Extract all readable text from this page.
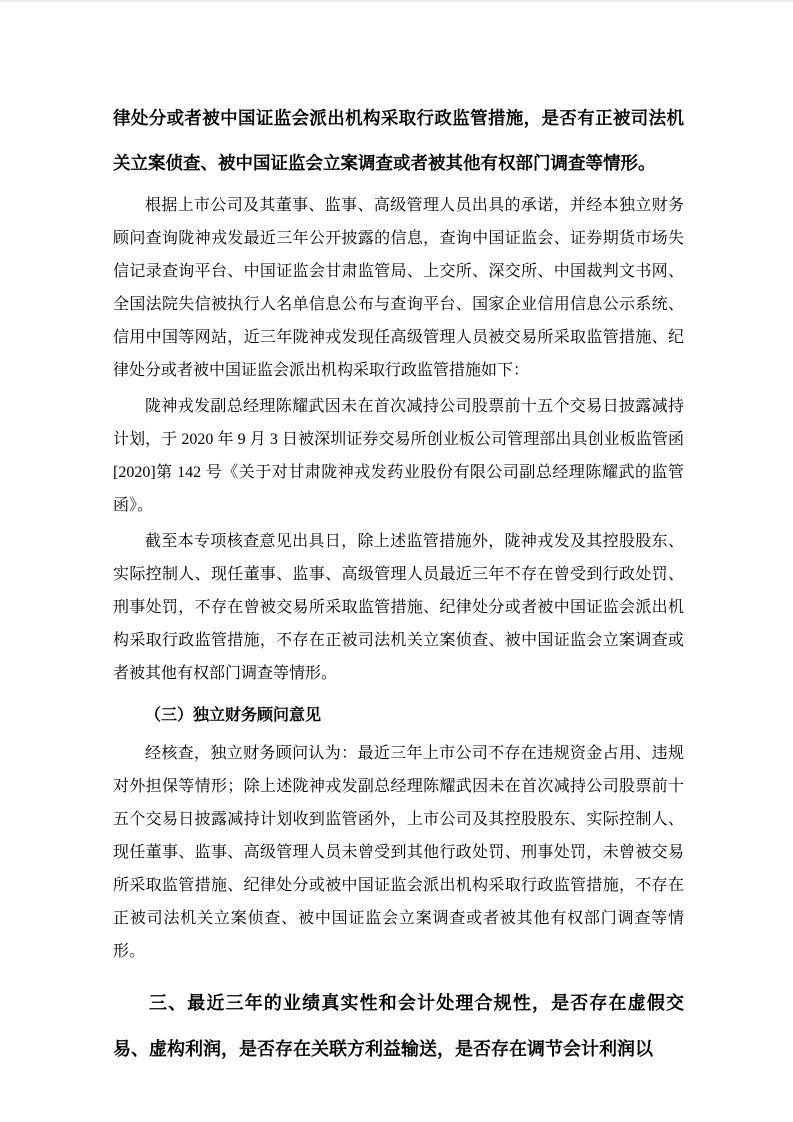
律处分或者被中国证监会派出机构采取行政监管措施，是否有正被司法机关立案侦查、被中国证监会立案调查或者被其他有权部门调查等情形。

根据上市公司及其董事、监事、高级管理人员出具的承诺，并经本独立财务顾问查询陇神戎发最近三年公开披露的信息，查询中国证监会、证券期货市场失信记录查询平台、中国证监会甘肃监管局、上交所、深交所、中国裁判文书网、全国法院失信被执行人名单信息公布与查询平台、国家企业信用信息公示系统、信用中国等网站，近三年陇神戎发现任高级管理人员被交易所采取监管措施、纪律处分或者被中国证监会派出机构采取行政监管措施如下：

陇神戎发副总经理陈耀武因未在首次减持公司股票前十五个交易日披露减持计划，于 2020 年 9 月 3 日被深圳证券交易所创业板公司管理部出具创业板监管函[2020]第 142 号《关于对甘肃陇神戎发药业股份有限公司副总经理陈耀武的监管函》。

截至本专项核查意见出具日，除上述监管措施外，陇神戎发及其控股股东、实际控制人、现任董事、监事、高级管理人员最近三年不存在曾受到行政处罚、刑事处罚，不存在曾被交易所采取监管措施、纪律处分或者被中国证监会派出机构采取行政监管措施，不存在正被司法机关立案侦查、被中国证监会立案调查或者被其他有权部门调查等情形。

（三）独立财务顾问意见

经核查，独立财务顾问认为：最近三年上市公司不存在违规资金占用、违规对外担保等情形；除上述陇神戎发副总经理陈耀武因未在首次减持公司股票前十五个交易日披露减持计划收到监管函外，上市公司及其控股股东、实际控制人、现任董事、监事、高级管理人员未曾受到其他行政处罚、刑事处罚，未曾被交易所采取监管措施、纪律处分或被中国证监会派出机构采取行政监管措施，不存在正被司法机关立案侦查、被中国证监会立案调查或者被其他有权部门调查等情形。

三、最近三年的业绩真实性和会计处理合规性，是否存在虚假交易、虚构利润，是否存在关联方利益输送，是否存在调节会计利润以
